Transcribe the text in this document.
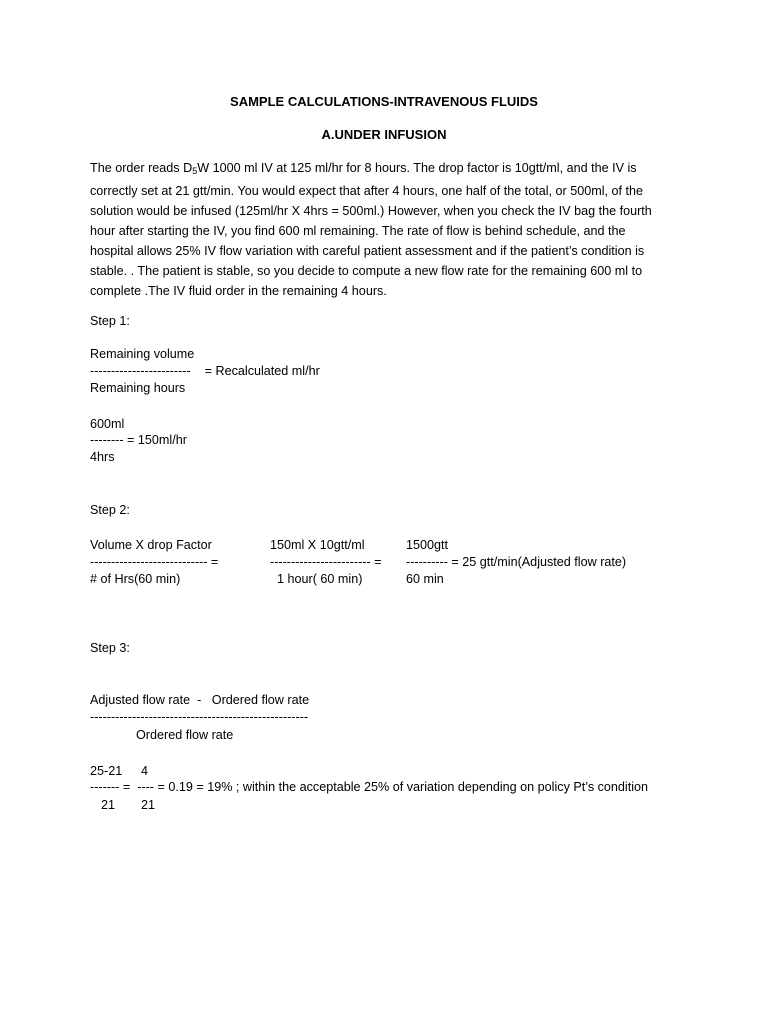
SAMPLE CALCULATIONS-INTRAVENOUS FLUIDS
A.UNDER INFUSION
The order reads $D_5W$ 1000 ml IV at 125 ml/hr for 8 hours. The drop factor is 10gtt/ml, and the IV is correctly set at 21 gtt/min. You would expect that after 4 hours, one half of the total, or 500ml, of the solution would be infused (125ml/hr X 4hrs = 500ml.) However, when you check the IV bag the fourth hour after starting the IV, you find 600 ml remaining. The rate of flow is behind schedule, and the hospital allows 25% IV flow variation with careful patient assessment and if the patient’s condition is stable. . The patient is stable, so you decide to compute a new flow rate for the remaining 600 ml to complete .The IV fluid order in the remaining 4 hours.
Step 1:
Remaining volume
------------------------    = Recalculated ml/hr
Remaining hours
600ml
-------- = 150ml/hr
4hrs
Step 2:
Volume X drop Factor
---------------------------- =
# of Hrs(60 min)
150ml X 10gtt/ml
------------------------ =
1 hour( 60 min)
1500gtt
---------- = 25 gtt/min(Adjusted flow rate)
60 min
Step 3:
Adjusted flow rate  -   Ordered flow rate
----------------------------------------------------
Ordered flow rate
25-21 4
------- =  ---- = 0.19 = 19% ; within the acceptable 25% of variation depending on policy Pt’s condition
21 21
